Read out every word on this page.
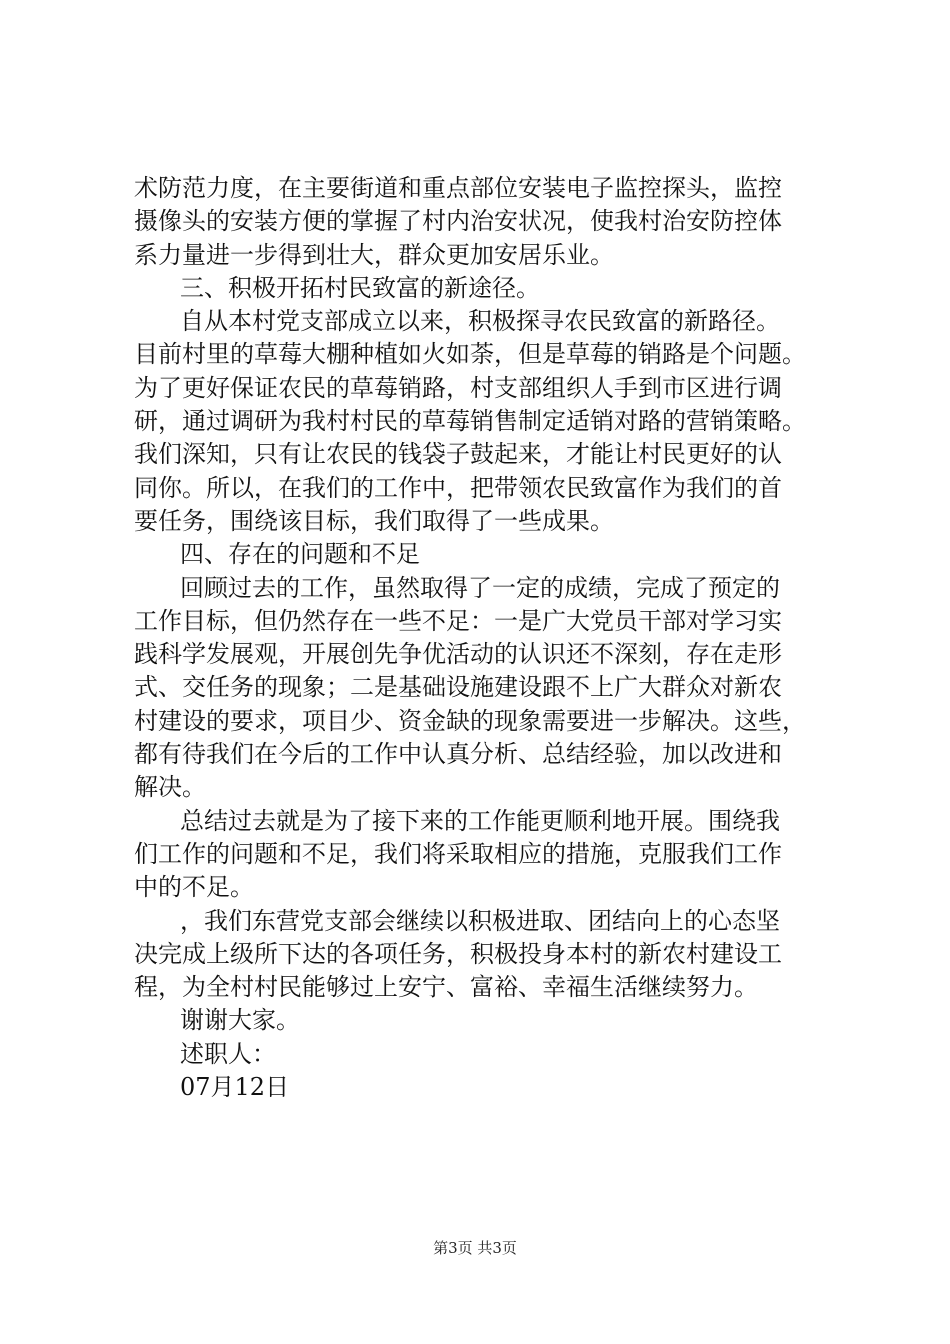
术防范力度，在主要街道和重点部位安装电子监控探头，监控
摄像头的安装方便的掌握了村内治安状况，使我村治安防控体
系力量进一步得到壮大，群众更加安居乐业。
三、积极开拓村民致富的新途径。
自从本村党支部成立以来，积极探寻农民致富的新路径。
目前村里的草莓大棚种植如火如荼，但是草莓的销路是个问题。
为了更好保证农民的草莓销路，村支部组织人手到市区进行调
研，通过调研为我村村民的草莓销售制定适销对路的营销策略。
我们深知，只有让农民的钱袋子鼓起来，才能让村民更好的认
同你。所以，在我们的工作中，把带领农民致富作为我们的首
要任务，围绕该目标，我们取得了一些成果。
四、存在的问题和不足
回顾过去的工作，虽然取得了一定的成绩，完成了预定的
工作目标，但仍然存在一些不足：一是广大党员干部对学习实
践科学发展观，开展创先争优活动的认识还不深刻，存在走形
式、交任务的现象；二是基础设施建设跟不上广大群众对新农
村建设的要求，项目少、资金缺的现象需要进一步解决。这些，
都有待我们在今后的工作中认真分析、总结经验，加以改进和
解决。
总结过去就是为了接下来的工作能更顺利地开展。围绕我
们工作的问题和不足，我们将采取相应的措施，克服我们工作
中的不足。
，我们东营党支部会继续以积极进取、团结向上的心态坚
决完成上级所下达的各项任务，积极投身本村的新农村建设工
程，为全村村民能够过上安宁、富裕、幸福生活继续努力。
谢谢大家。
述职人：
07月12日
第3页 共3页
